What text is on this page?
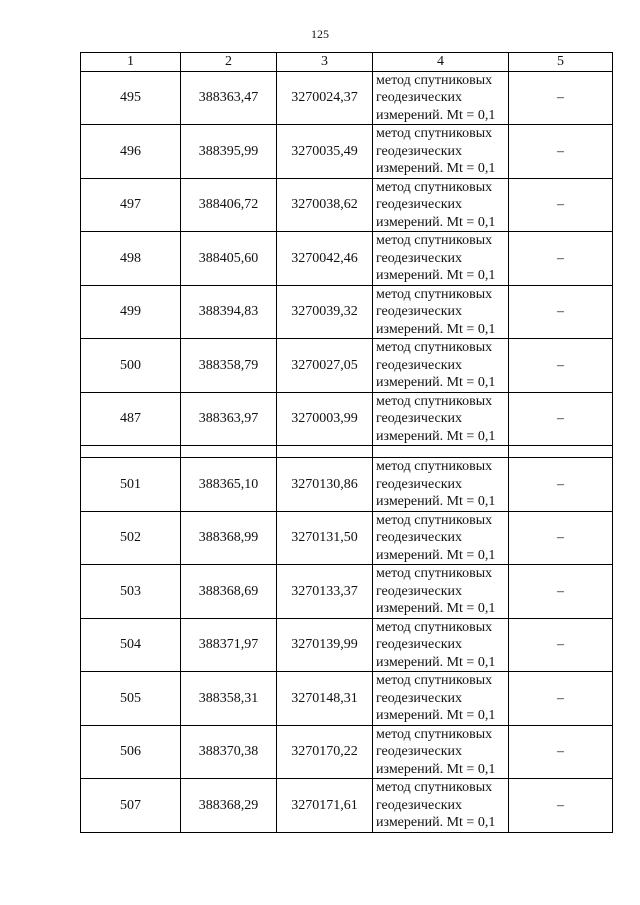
125
1	2	3	4	5
495	388363,47	3270024,37	метод спутниковых геодезических измерений. Mt = 0,1	–
496	388395,99	3270035,49	метод спутниковых геодезических измерений. Mt = 0,1	–
497	388406,72	3270038,62	метод спутниковых геодезических измерений. Mt = 0,1	–
498	388405,60	3270042,46	метод спутниковых геодезических измерений. Mt = 0,1	–
499	388394,83	3270039,32	метод спутниковых геодезических измерений. Mt = 0,1	–
500	388358,79	3270027,05	метод спутниковых геодезических измерений. Mt = 0,1	–
487	388363,97	3270003,99	метод спутниковых геодезических измерений. Mt = 0,1	–

501	388365,10	3270130,86	метод спутниковых геодезических измерений. Mt = 0,1	–
502	388368,99	3270131,50	метод спутниковых геодезических измерений. Mt = 0,1	–
503	388368,69	3270133,37	метод спутниковых геодезических измерений. Mt = 0,1	–
504	388371,97	3270139,99	метод спутниковых геодезических измерений. Mt = 0,1	–
505	388358,31	3270148,31	метод спутниковых геодезических измерений. Mt = 0,1	–
506	388370,38	3270170,22	метод спутниковых геодезических измерений. Mt = 0,1	–
507	388368,29	3270171,61	метод спутниковых геодезических измерений. Mt = 0,1	–
